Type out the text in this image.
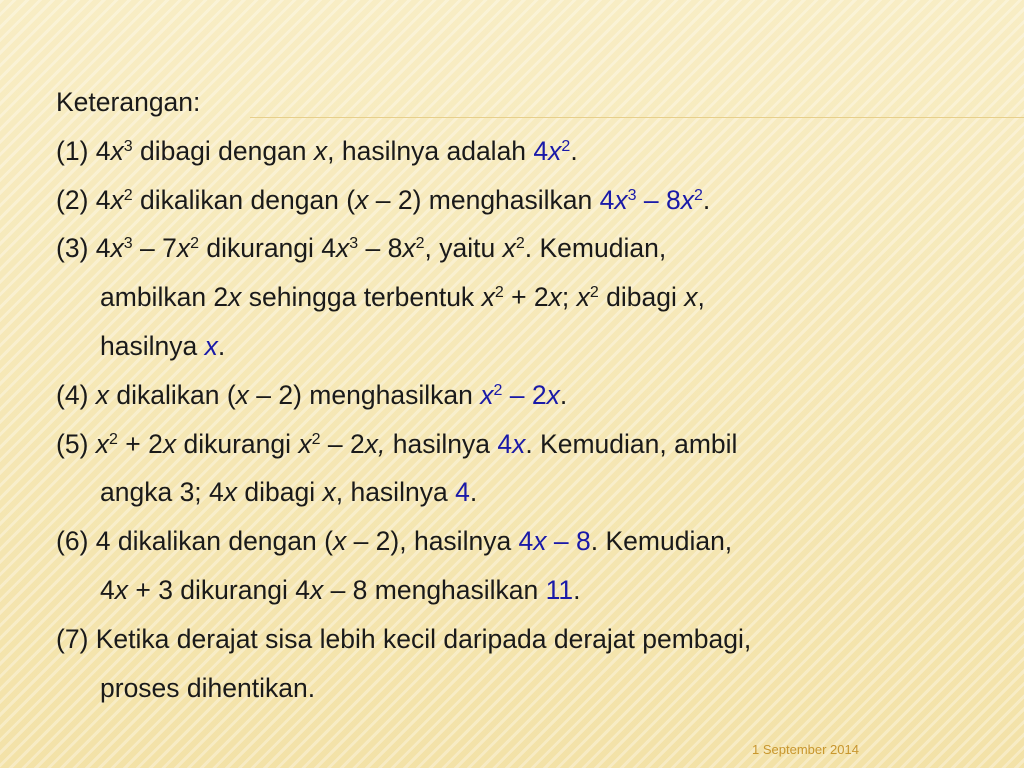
Keterangan:
(1) $4x^3$ dibagi dengan x, hasilnya adalah $4x^2$.
(2) $4x^2$ dikalikan dengan (x – 2) menghasilkan $4x^3 - 8x^2$.
(3) $4x^3 - 7x^2$ dikurangi $4x^3 - 8x^2$, yaitu $x^2$. Kemudian,
ambilkan 2x sehingga terbentuk $x^2 + 2x$; $x^2$ dibagi x,
hasilnya x.
(4) x dikalikan (x – 2) menghasilkan $x^2 - 2x$.
(5) $x^2 + 2x$ dikurangi $x^2 - 2x$, hasilnya 4x. Kemudian, ambil
angka 3; 4x dibagi x, hasilnya 4.
(6) 4 dikalikan dengan (x – 2), hasilnya 4x – 8. Kemudian,
4x + 3 dikurangi 4x – 8 menghasilkan 11.
(7) Ketika derajat sisa lebih kecil daripada derajat pembagi,
proses dihentikan.
1 September 2014
